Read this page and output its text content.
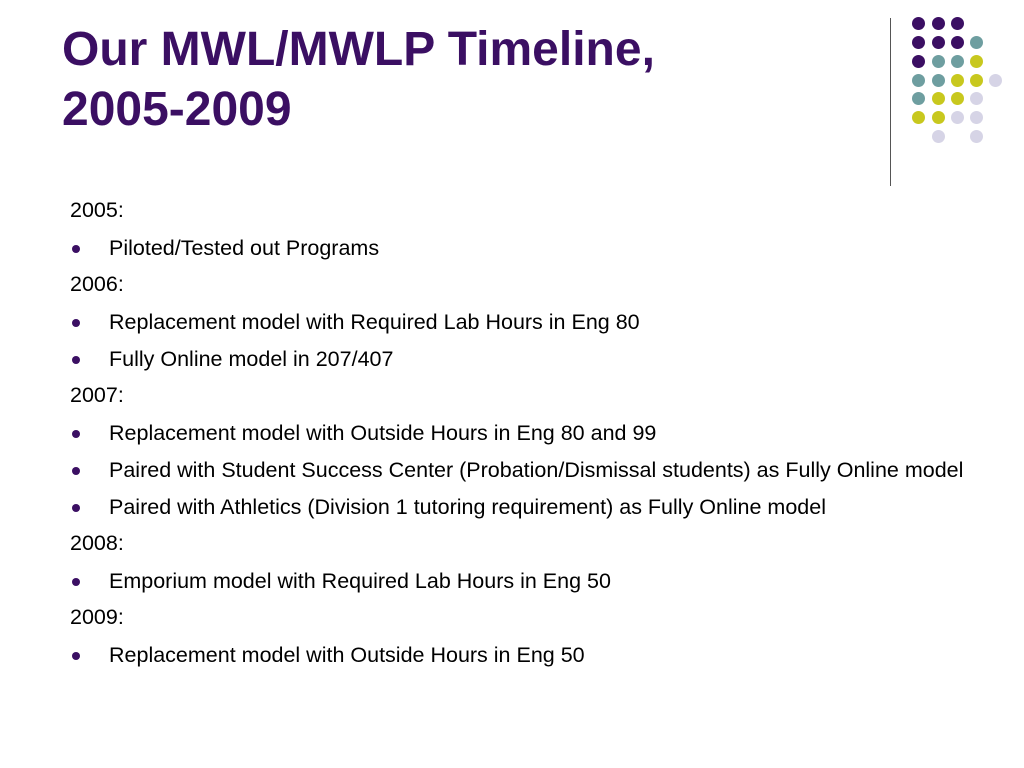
Our MWL/MWLP Timeline,
2005-2009
2005:
Piloted/Tested out Programs
2006:
Replacement model with Required Lab Hours in Eng 80
Fully Online model in 207/407
2007:
Replacement model with Outside Hours in Eng 80 and 99
Paired with Student Success Center (Probation/Dismissal students) as Fully Online model
Paired with Athletics (Division 1 tutoring requirement) as Fully Online model
2008:
Emporium model with Required Lab Hours in Eng 50
2009:
Replacement model with Outside Hours in Eng 50
